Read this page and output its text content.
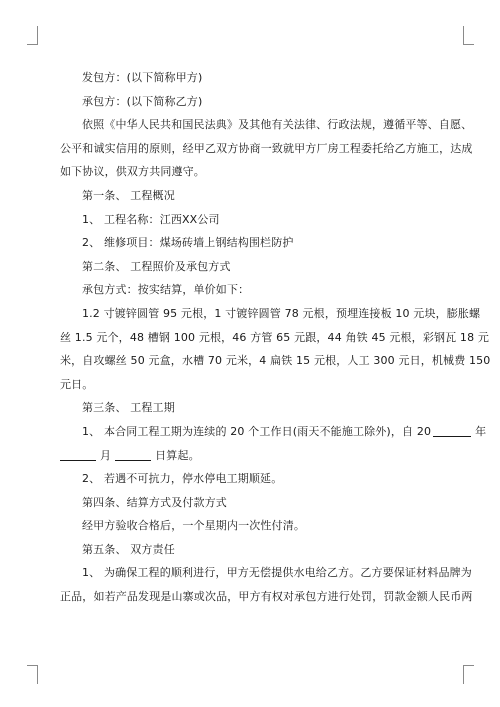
发包方：(以下简称甲方)
承包方：(以下简称乙方)
依照《中华人民共和国民法典》及其他有关法律、行政法规，遵循平等、自愿、
公平和诚实信用的原则，经甲乙双方协商一致就甲方厂房工程委托给乙方施工，达成
如下协议，供双方共同遵守。
第一条、 工程概况
1、 工程名称：江西XX公司
2、 维修项目：煤场砖墙上钢结构围栏防护
第二条、 工程照价及承包方式
承包方式：按实结算，单价如下：
1.2 寸镀锌圆管 95 元根，1 寸镀锌圆管 78 元根，预埋连接板 10 元块，膨胀螺
丝 1.5 元个，48 槽钢 100 元根，46 方管 65 元跟，44 角铁 45 元根，彩钢瓦 18 元
米，自攻螺丝 50 元盒，水槽 70 元米，4 扁铁 15 元根，人工 300 元日，机械费 150
元日。
第三条、 工程工期
1、 本合同工程工期为连续的 20 个工作日(雨天不能施工除外)，自 20	年
月	日算起。
2、 若遇不可抗力，停水停电工期顺延。
第四条、结算方式及付款方式
经甲方验收合格后，一个星期内一次性付清。
第五条、 双方责任
1、 为确保工程的顺利进行，甲方无偿提供水电给乙方。乙方要保证材料品牌为
正品，如若产品发现是山寨或次品，甲方有权对承包方进行处罚，罚款金额人民币两
